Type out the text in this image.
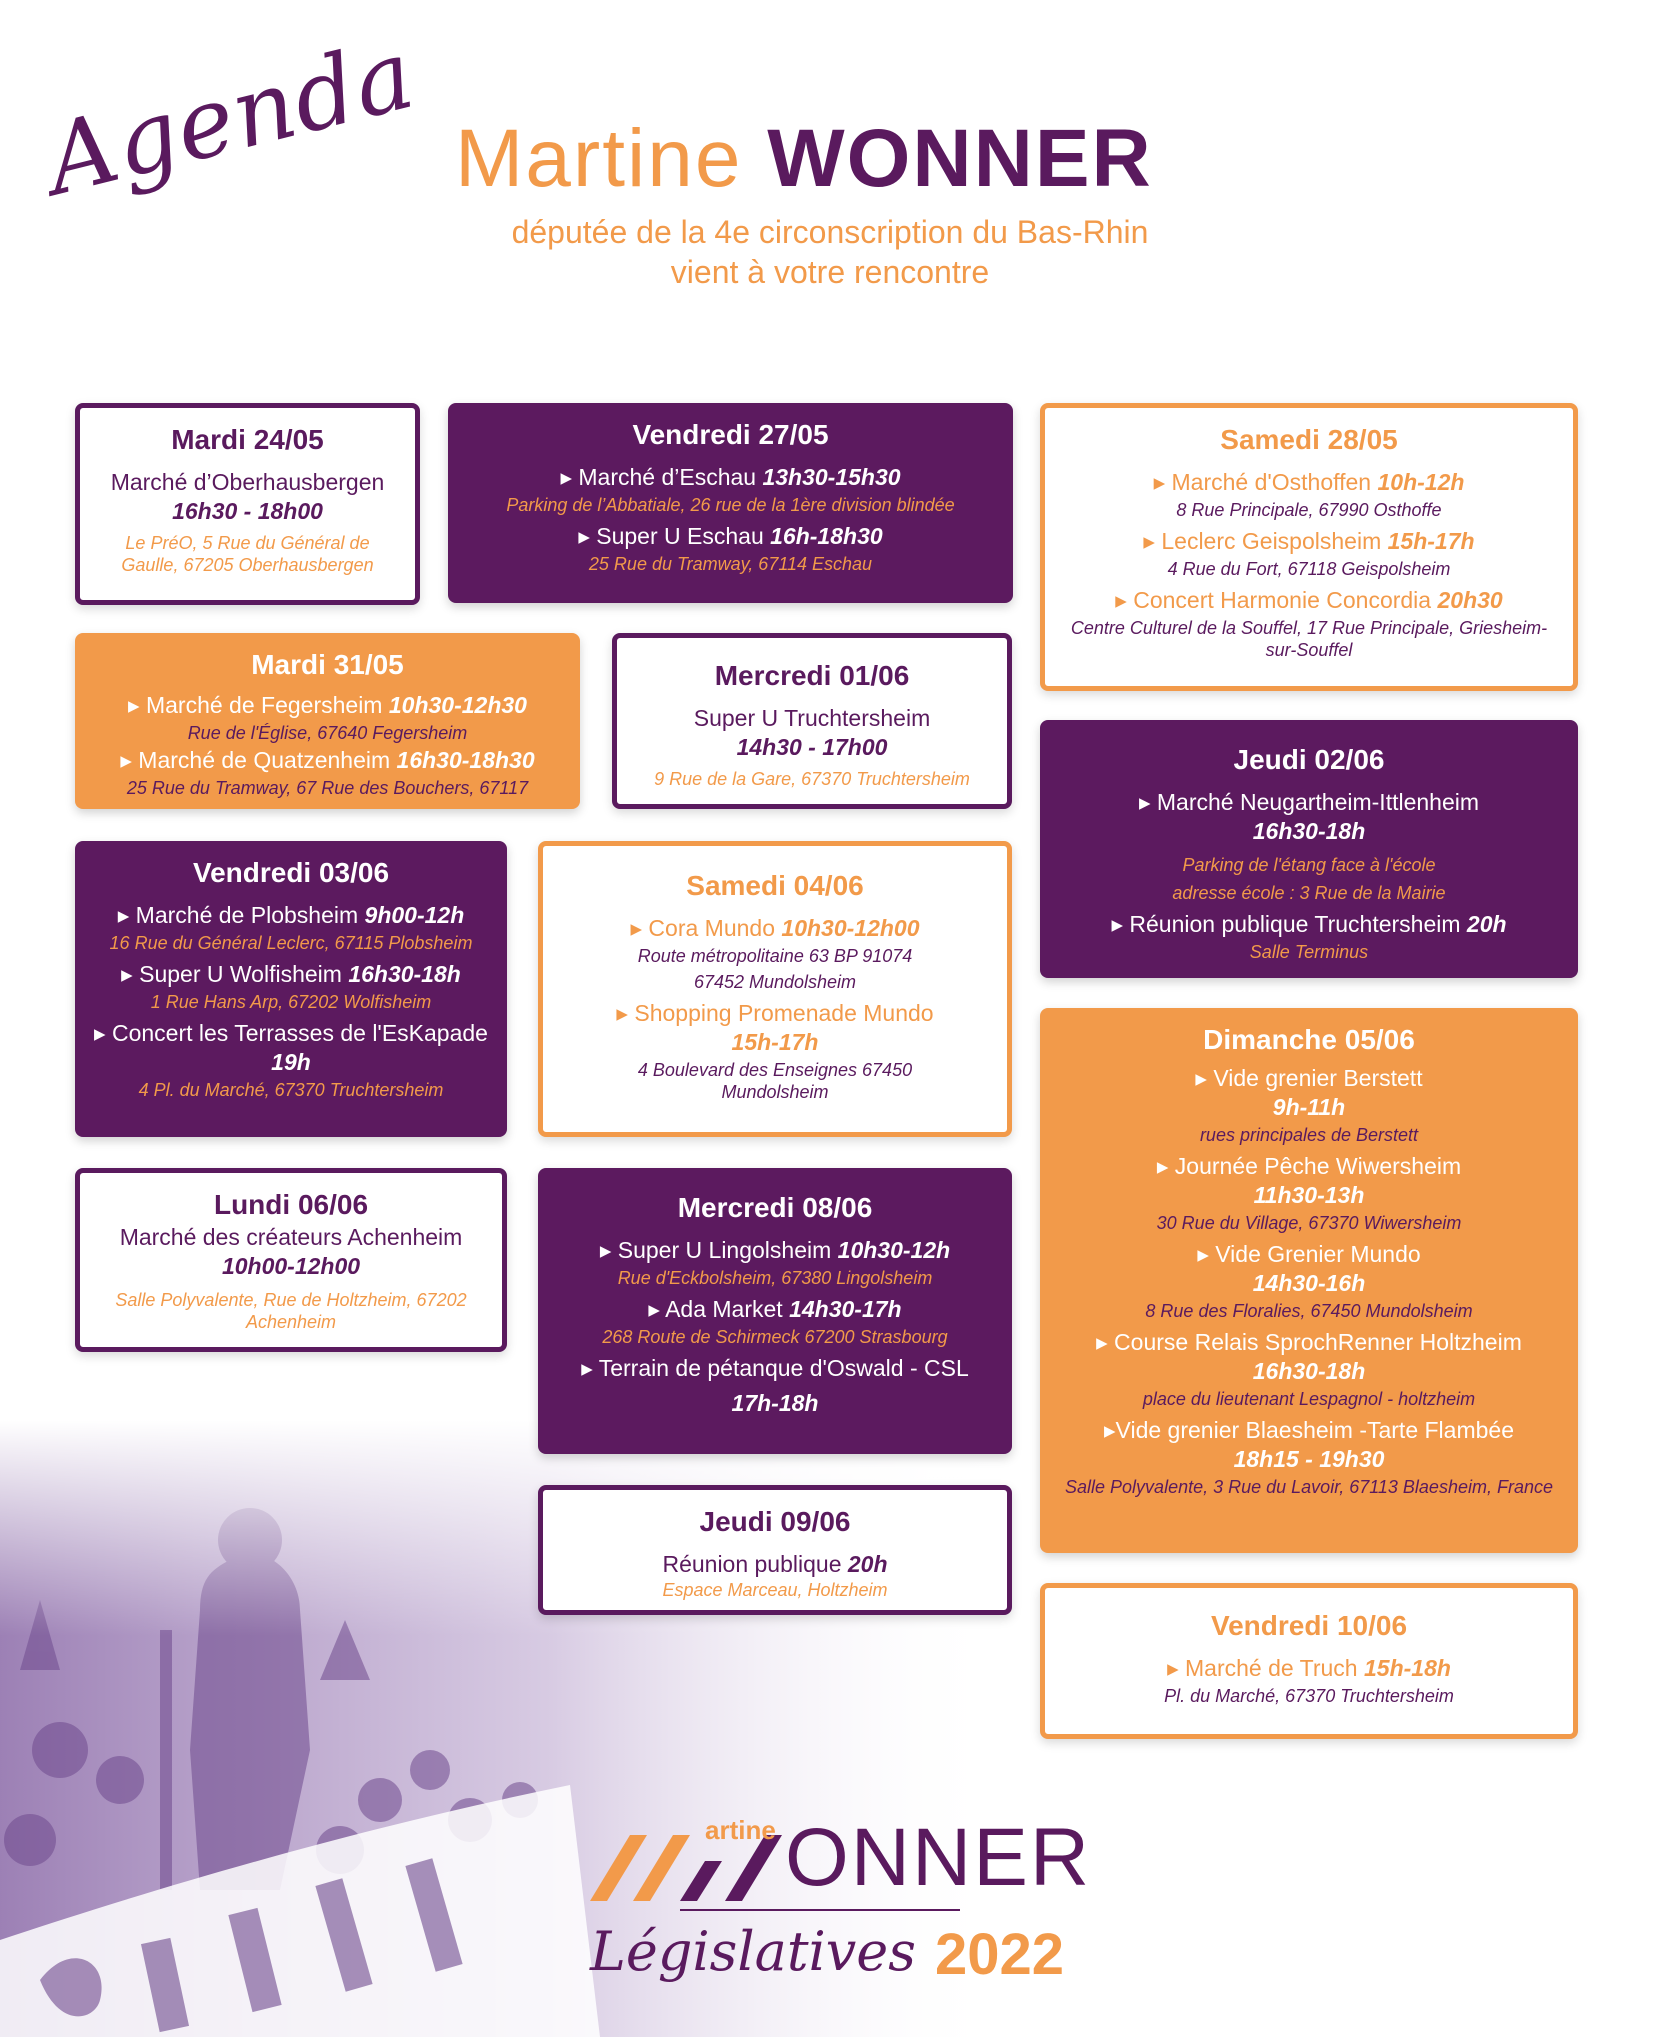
Agenda Martine WONNER
députée de la 4e circonscription du Bas-Rhin
vient à votre rencontre
Mardi 24/05
Marché d’Oberhausbergen
16h30 - 18h00
Le PréO, 5 Rue du Général de Gaulle, 67205 Oberhausbergen
Vendredi 27/05
▸ Marché d’Eschau 13h30-15h30
Parking de l’Abbatiale, 26 rue de la 1ère division blindée
▸ Super U Eschau 16h-18h30
25 Rue du Tramway, 67114 Eschau
Samedi 28/05
▸ Marché d'Osthoffen 10h-12h
8 Rue Principale, 67990 Osthoffe
▸ Leclerc Geispolsheim 15h-17h
4 Rue du Fort, 67118 Geispolsheim
▸ Concert Harmonie Concordia 20h30
Centre Culturel de la Souffel, 17 Rue Principale, Griesheim-sur-Souffel
Mardi 31/05
▸ Marché de Fegersheim 10h30-12h30
Rue de l'Église, 67640 Fegersheim
▸ Marché de Quatzenheim 16h30-18h30
25 Rue du Tramway, 67 Rue des Bouchers, 67117
Mercredi 01/06
Super U Truchtersheim
14h30 - 17h00
9 Rue de la Gare, 67370 Truchtersheim
Jeudi 02/06
▸ Marché Neugartheim-Ittlenheim
16h30-18h
Parking de l'étang face à l'école
adresse école : 3 Rue de la Mairie
▸ Réunion publique Truchtersheim 20h
Salle Terminus
Vendredi 03/06
▸ Marché de Plobsheim 9h00-12h
16 Rue du Général Leclerc, 67115 Plobsheim
▸ Super U Wolfisheim 16h30-18h
1 Rue Hans Arp, 67202 Wolfisheim
▸ Concert les Terrasses de l'EsKapade 19h
4 Pl. du Marché, 67370 Truchtersheim
Samedi 04/06
▸ Cora Mundo 10h30-12h00
Route métropolitaine 63 BP 91074
67452 Mundolsheim
▸ Shopping Promenade Mundo
15h-17h
4 Boulevard des Enseignes 67450 Mundolsheim
Dimanche 05/06
▸ Vide grenier Berstett
9h-11h
rues principales de Berstett
▸ Journée Pêche Wiwersheim
11h30-13h
30 Rue du Village, 67370 Wiwersheim
▸ Vide Grenier Mundo
14h30-16h
8 Rue des Floralies, 67450 Mundolsheim
▸ Course Relais SprochRenner Holtzheim
16h30-18h
place du lieutenant Lespagnol - holtzheim
▸Vide grenier Blaesheim -Tarte Flambée
18h15 - 19h30
Salle Polyvalente, 3 Rue du Lavoir, 67113 Blaesheim, France
Lundi 06/06
Marché des créateurs Achenheim
10h00-12h00
Salle Polyvalente, Rue de Holtzheim, 67202 Achenheim
Mercredi 08/06
▸ Super U Lingolsheim 10h30-12h
Rue d'Eckbolsheim, 67380 Lingolsheim
▸ Ada Market 14h30-17h
268 Route de Schirmeck 67200 Strasbourg
▸ Terrain de pétanque d'Oswald - CSL
17h-18h
Jeudi 09/06
Réunion publique 20h
Espace Marceau, Holtzheim
Vendredi 10/06
▸ Marché de Truch 15h-18h
Pl. du Marché, 67370 Truchtersheim
artine ONNER
Législatives 2022
